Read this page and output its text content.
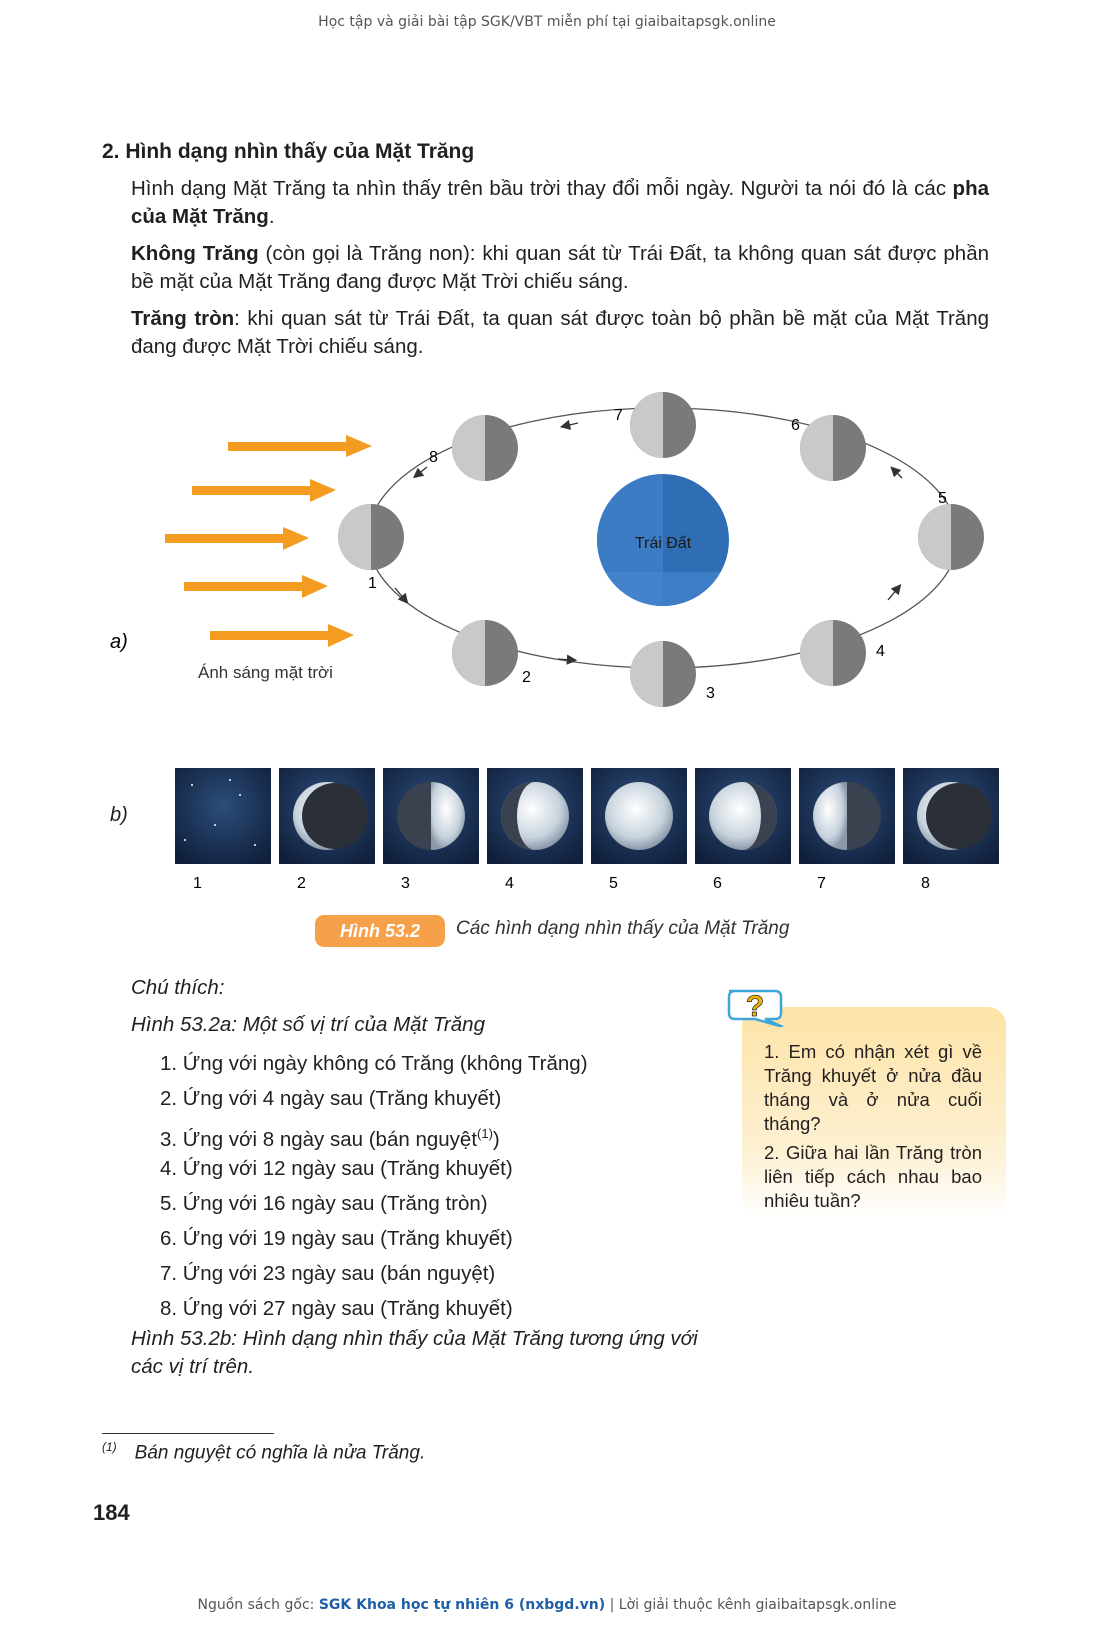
Học tập và giải bài tập SGK/VBT miễn phí tại giaibaitapsgk.online
2. Hình dạng nhìn thấy của Mặt Trăng
Hình dạng Mặt Trăng ta nhìn thấy trên bầu trời thay đổi mỗi ngày. Người ta nói đó là các pha của Mặt Trăng.
Không Trăng (còn gọi là Trăng non): khi quan sát từ Trái Đất, ta không quan sát được phần bề mặt của Mặt Trăng đang được Mặt Trời chiếu sáng.
Trăng tròn: khi quan sát từ Trái Đất, ta quan sát được toàn bộ phần bề mặt của Mặt Trăng đang được Mặt Trời chiếu sáng.
Trái Đất
1
2
3
4
5
6
7
8
a)
Ánh sáng mặt trời
b)
1	2	3	4	5	6	7	8
Hình 53.2	Các hình dạng nhìn thấy của Mặt Trăng
Chú thích:
Hình 53.2a: Một số vị trí của Mặt Trăng
1. Ứng với ngày không có Trăng (không Trăng)
2. Ứng với 4 ngày sau (Trăng khuyết)
3. Ứng với 8 ngày sau (bán nguyệt$^{(1)}$)
4. Ứng với 12 ngày sau (Trăng khuyết)
5. Ứng với 16 ngày sau (Trăng tròn)
6. Ứng với 19 ngày sau (Trăng khuyết)
7. Ứng với 23 ngày sau (bán nguyệt)
8. Ứng với 27 ngày sau (Trăng khuyết)
Hình 53.2b: Hình dạng nhìn thấy của Mặt Trăng tương ứng với các vị trí trên.
?
1. Em có nhận xét gì về Trăng khuyết ở nửa đầu tháng và ở nửa cuối tháng?
2. Giữa hai lần Trăng tròn liên tiếp cách nhau bao nhiêu tuần?
$^{(1)}$ Bán nguyệt có nghĩa là nửa Trăng.
184
Nguồn sách gốc: SGK Khoa học tự nhiên 6 (nxbgd.vn) | Lời giải thuộc kênh giaibaitapsgk.online
